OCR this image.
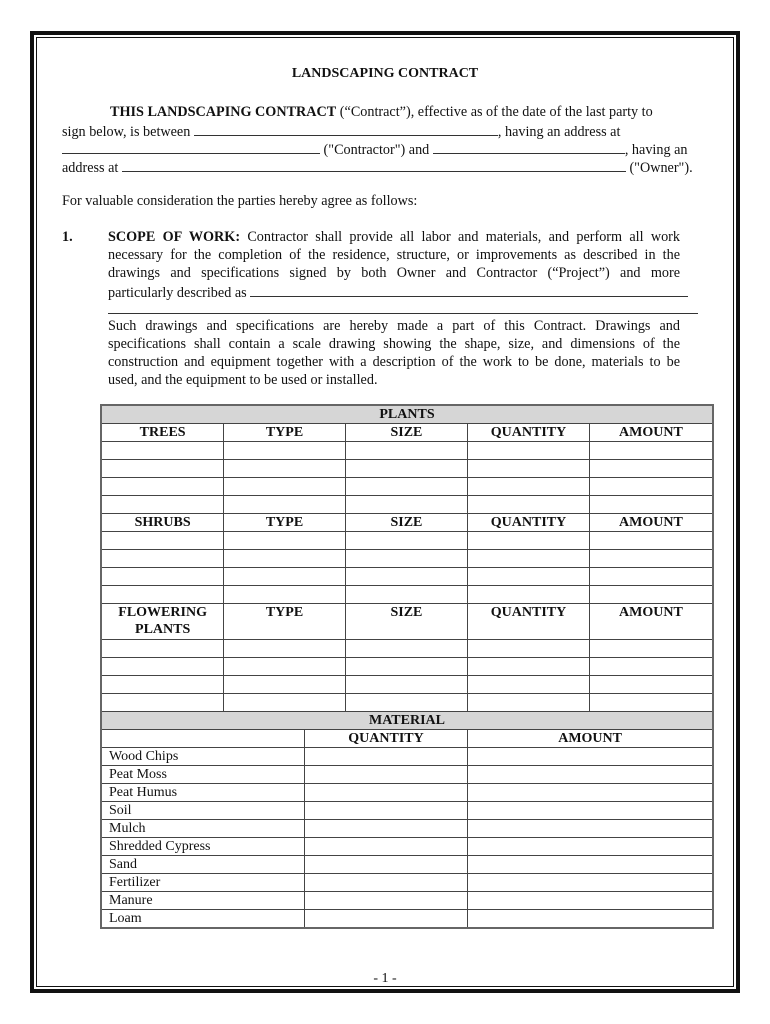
LANDSCAPING CONTRACT
THIS LANDSCAPING CONTRACT (“Contract”), effective as of the date of the last party to
sign below, is between	, having an address at
("Contractor") and	, having an
address at	("Owner").
For valuable consideration the parties hereby agree as follows:
1. SCOPE OF WORK: Contractor shall provide all labor and materials, and perform all work
necessary for the completion of the residence, structure, or improvements as described in the
drawings and specifications signed by both Owner and Contractor (“Project”) and more
particularly described as
Such drawings and specifications are hereby made a part of this Contract. Drawings and
specifications shall contain a scale drawing showing the shape, size, and dimensions of the
construction and equipment together with a description of the work to be done, materials to be
used, and the equipment to be used or installed.
PLANTS					
TREES	TYPE		SIZE	QUANTITY	AMOUNT

SHRUBS	TYPE		SIZE	QUANTITY	AMOUNT

FLOWERING
PLANTS	TYPE		SIZE	QUANTITY	AMOUNT

MATERIAL					
		QUANTITY		AMOUNT	
Wood Chips					
Peat Moss					
Peat Humus					
Soil					
Mulch					
Shredded Cypress					
Sand					
Fertilizer					
Manure					
Loam					
- 1 -
